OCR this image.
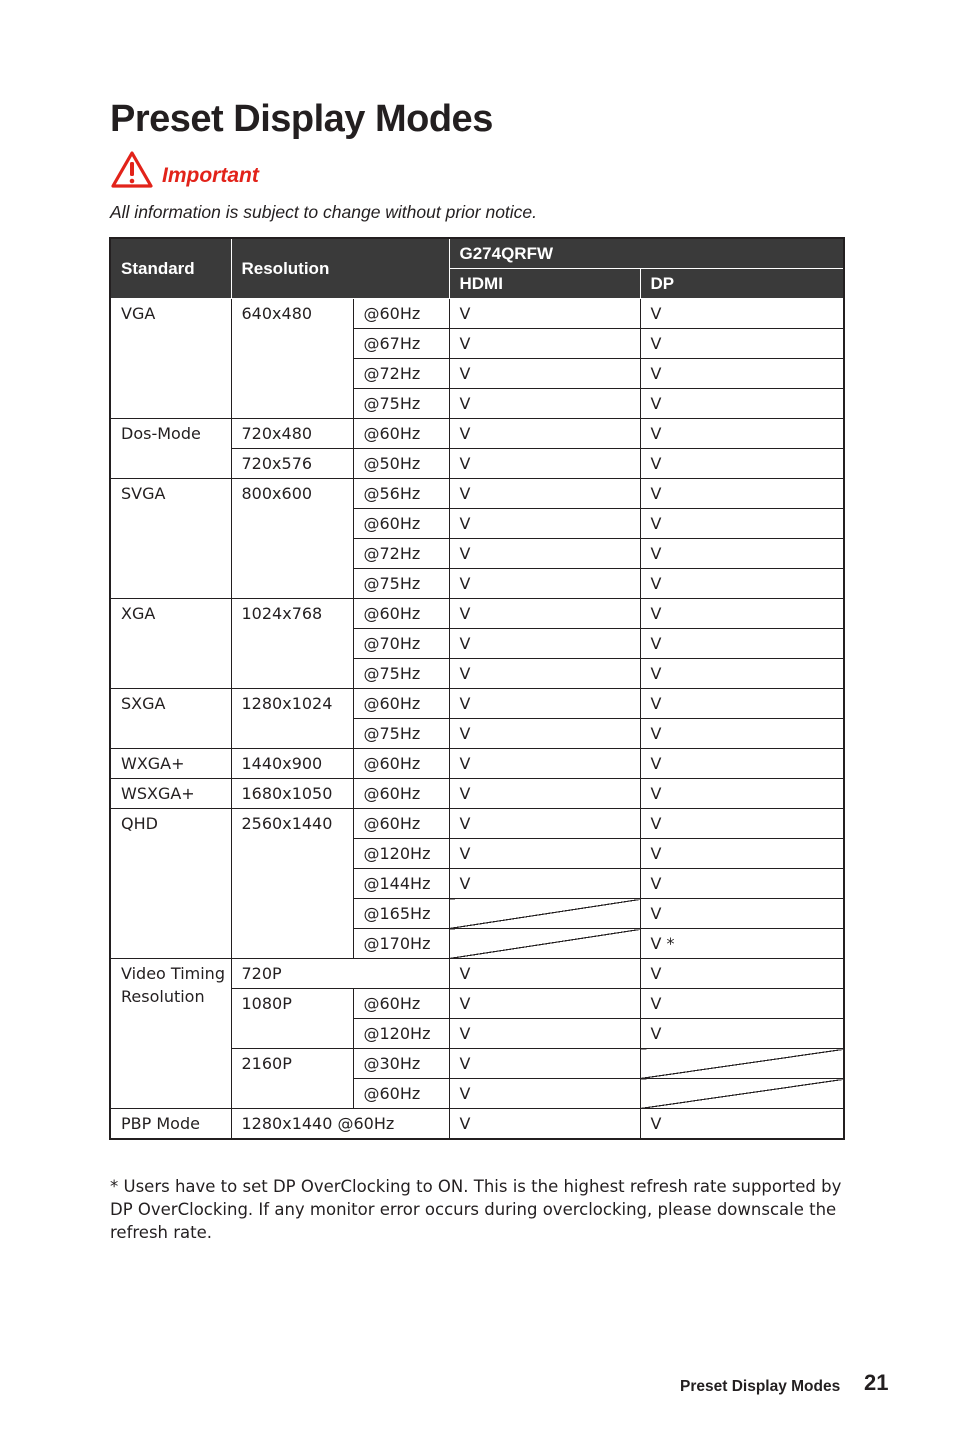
Preset Display Modes
Important
All information is subject to change without prior notice.
Standard	Resolution		G274QRFW	
			HDMI	DP
VGA	640x480	@60Hz	V	V
		@67Hz	V	V
		@72Hz	V	V
		@75Hz	V	V
Dos-Mode	720x480	@60Hz	V	V
	720x576	@50Hz	V	V
SVGA	800x600	@56Hz	V	V
		@60Hz	V	V
		@72Hz	V	V
		@75Hz	V	V
XGA	1024x768	@60Hz	V	V
		@70Hz	V	V
		@75Hz	V	V
SXGA	1280x1024	@60Hz	V	V
		@75Hz	V	V
WXGA+	1440x900	@60Hz	V	V
WSXGA+	1680x1050	@60Hz	V	V
QHD	2560x1440	@60Hz	V	V
		@120Hz	V	V
		@144Hz	V	V
		@165Hz		V
		@170Hz		V *
Video Timing Resolution	720P		V	V
	1080P	@60Hz	V	V
		@120Hz	V	V
	2160P	@30Hz	V	
		@60Hz	V	
PBP Mode	1280x1440 @60Hz		V	V

* Users have to set DP OverClocking to ON. This is the highest refresh rate supported by DP OverClocking. If any monitor error occurs during overclocking, please downscale the refresh rate.

Preset Display Modes 21
